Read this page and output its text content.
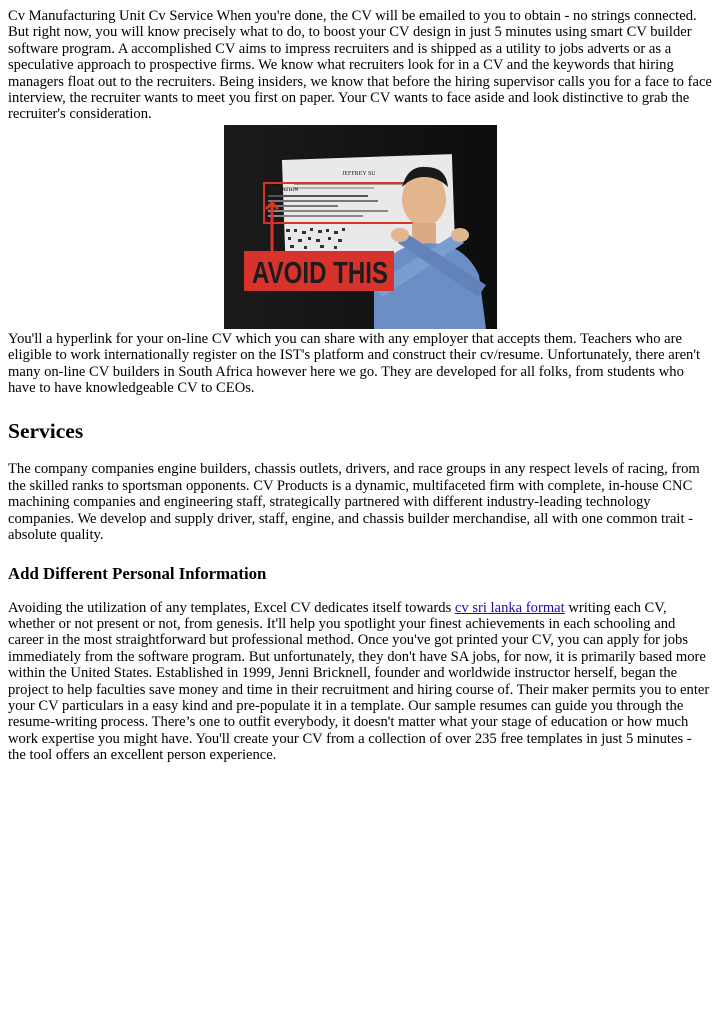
Cv Manufacturing Unit Cv Service When you're done, the CV will be emailed to you to obtain - no strings connected. But right now, you will know precisely what to do, to boost your CV design in just 5 minutes using smart CV builder software program. A accomplished CV aims to impress recruiters and is shipped as a utility to jobs adverts or as a speculative approach to prospective firms. We know what recruiters look for in a CV and the keywords that hiring managers float out to the recruiters. Being insiders, we know that before the hiring supervisor calls you for a face to face interview, the recruiter wants to meet you first on paper. Your CV wants to face aside and look distinctive to grab the recruiter's consideration.

JEFFREY SU
EDUCATION
AVOID THIS

You'll a hyperlink for your on-line CV which you can share with any employer that accepts them. Teachers who are eligible to work internationally register on the IST's platform and construct their cv/resume. Unfortunately, there aren't many on-line CV builders in South Africa however here we go. They are developed for all folks, from students who have to have knowledgeable CV to CEOs.

Services

The company companies engine builders, chassis outlets, drivers, and race groups in any respect levels of racing, from the skilled ranks to sportsman opponents. CV Products is a dynamic, multifaceted firm with complete, in-house CNC machining companies and engineering staff, strategically partnered with different industry-leading technology companies. We develop and supply driver, staff, engine, and chassis builder merchandise, all with one common trait - absolute quality.

Add Different Personal Information

Avoiding the utilization of any templates, Excel CV dedicates itself towards cv sri lanka format writing each CV, whether or not present or not, from genesis. It'll help you spotlight your finest achievements in each schooling and career in the most straightforward but professional method. Once you've got printed your CV, you can apply for jobs immediately from the software program. But unfortunately, they don't have SA jobs, for now, it is primarily based more within the United States. Established in 1999, Jenni Bricknell, founder and worldwide instructor herself, began the project to help faculties save money and time in their recruitment and hiring course of. Their maker permits you to enter your CV particulars in a easy kind and pre-populate it in a template. Our sample resumes can guide you through the resume-writing process. There’s one to outfit everybody, it doesn't matter what your stage of education or how much work expertise you might have. You'll create your CV from a collection of over 235 free templates in just 5 minutes - the tool offers an excellent person experience.
